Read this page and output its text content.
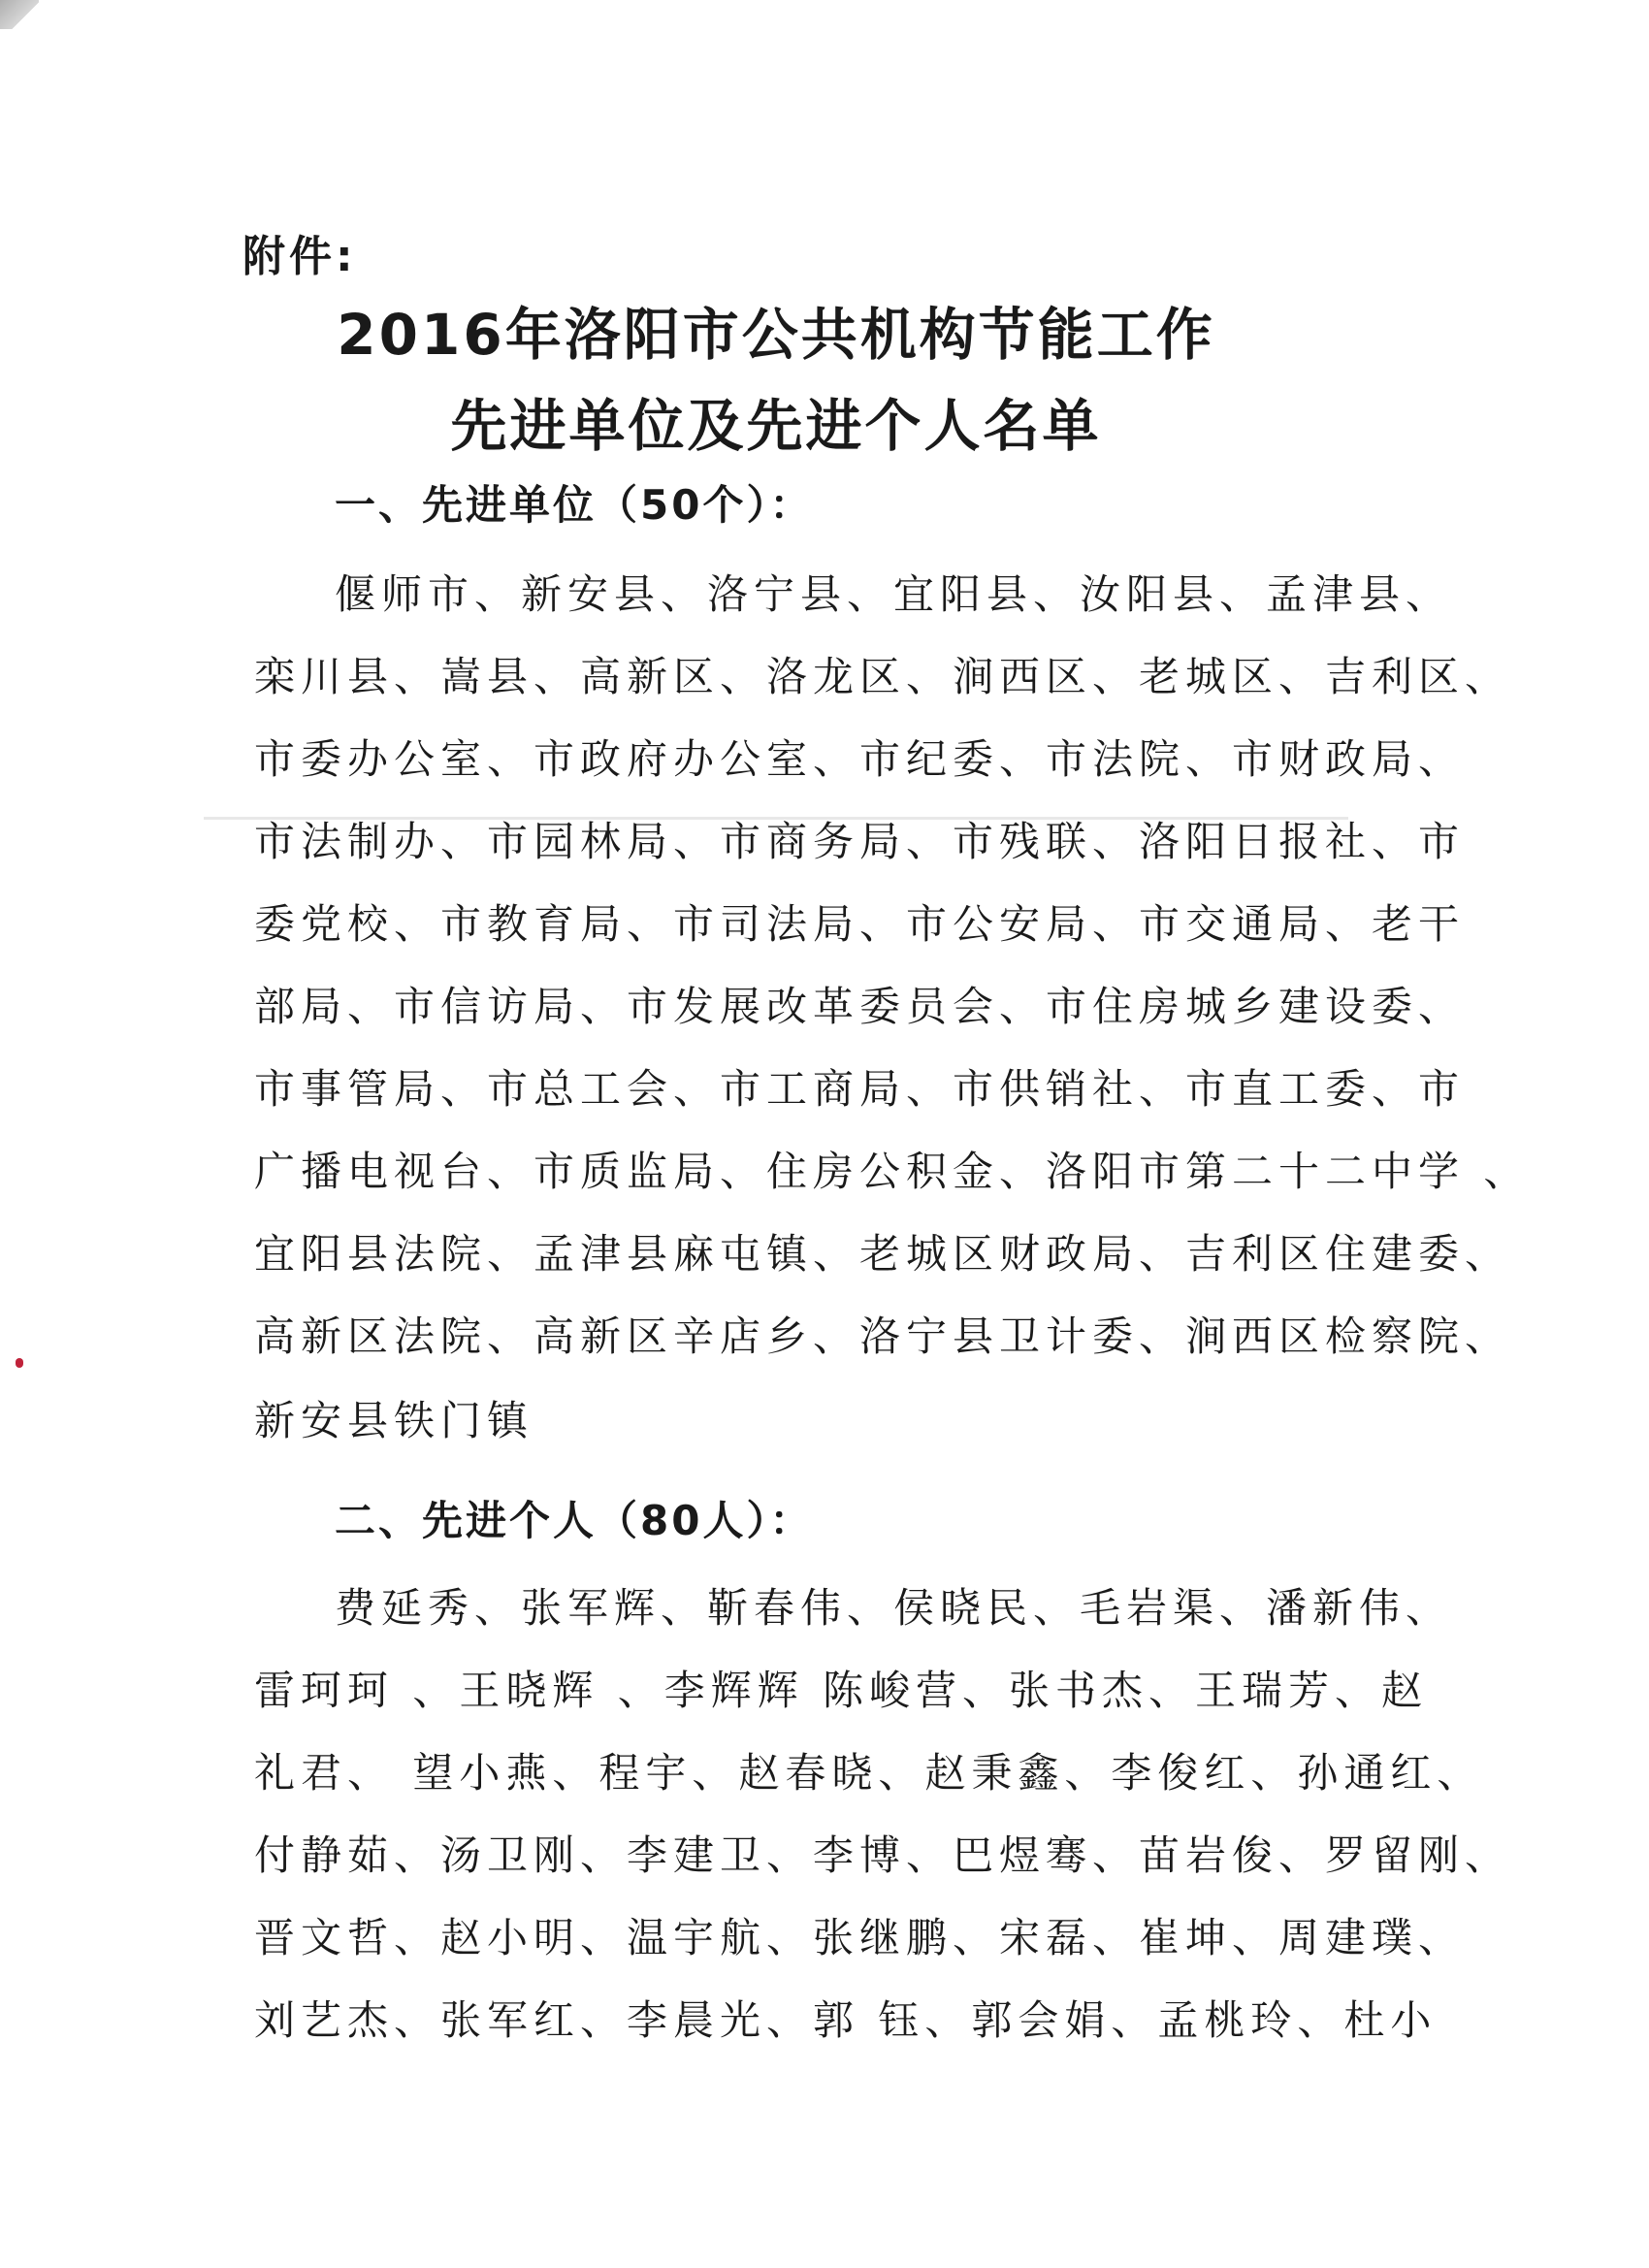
附件:
2016年洛阳市公共机构节能工作
先进单位及先进个人名单
一、先进单位（50个）：
偃师市、新安县、洛宁县、宜阳县、汝阳县、孟津县、
栾川县、嵩县、高新区、洛龙区、涧西区、老城区、吉利区、
市委办公室、市政府办公室、市纪委、市法院、市财政局、
市法制办、市园林局、市商务局、市残联、洛阳日报社、市
委党校、市教育局、市司法局、市公安局、市交通局、老干
部局、市信访局、市发展改革委员会、市住房城乡建设委、
市事管局、市总工会、市工商局、市供销社、市直工委、市
广播电视台、市质监局、住房公积金、洛阳市第二十二中学 、
宜阳县法院、孟津县麻屯镇、老城区财政局、吉利区住建委、
高新区法院、高新区辛店乡、洛宁县卫计委、涧西区检察院、
新安县铁门镇
二、先进个人（80人）：
费延秀、张军辉、靳春伟、侯晓民、毛岩渠、潘新伟、
雷珂珂 、王晓辉 、李辉辉 陈峻营、张书杰、王瑞芳、赵
礼君、 望小燕、程宇、赵春晓、赵秉鑫、李俊红、孙通红、
付静茹、汤卫刚、李建卫、李博、巴煜骞、苗岩俊、罗留刚、
晋文哲、赵小明、温宇航、张继鹏、宋磊、崔坤、周建璞、
刘艺杰、张军红、李晨光、郭 钰、郭会娟、孟桃玲、杜小
